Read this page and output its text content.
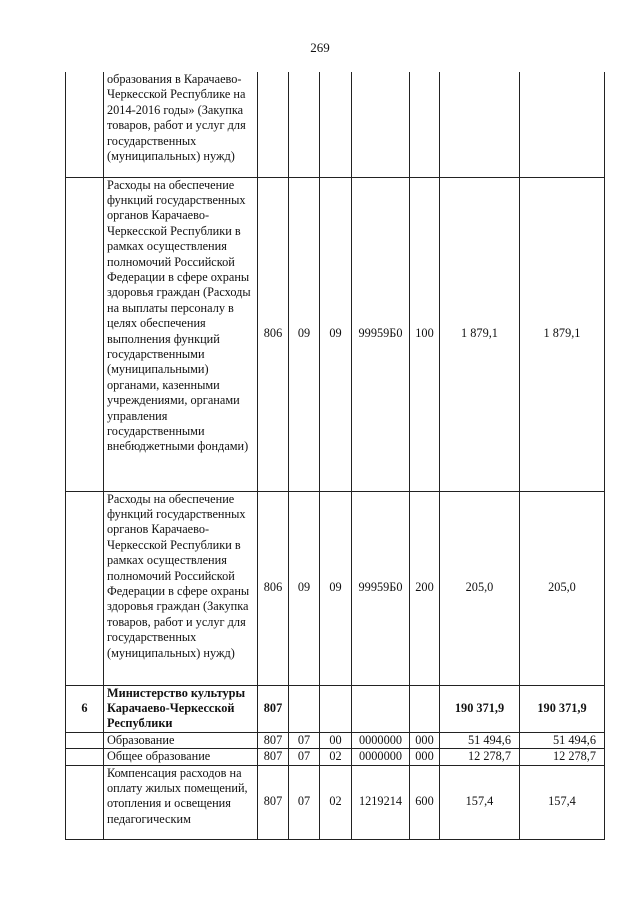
269
	образования в Карачаево-Черкесской Республике на 2014-2016 годы» (Закупка товаров, работ и услуг для государственных (муниципальных) нужд)							
	Расходы на обеспечение функций государственных органов Карачаево-Черкесской Республики в рамках осуществления полномочий Российской Федерации в сфере охраны здоровья граждан (Расходы на выплаты персоналу в целях обеспечения выполнения функций государственными (муниципальными) органами, казенными учреждениями, органами управления государственными внебюджетными фондами)	806	09	09	99959Б0	100	1 879,1	1 879,1
	Расходы на обеспечение функций государственных органов Карачаево-Черкесской Республики в рамках осуществления полномочий Российской Федерации в сфере охраны здоровья граждан (Закупка товаров, работ и услуг для государственных (муниципальных) нужд)	806	09	09	99959Б0	200	205,0	205,0
6	Министерство культуры Карачаево-Черкесской Республики	807					190 371,9	190 371,9
	Образование	807	07	00	0000000	000	51 494,6	51 494,6
	Общее образование	807	07	02	0000000	000	12 278,7	12 278,7
	Компенсация расходов на оплату жилых помещений, отопления и освещения педагогическим	807	07	02	1219214	600	157,4	157,4
